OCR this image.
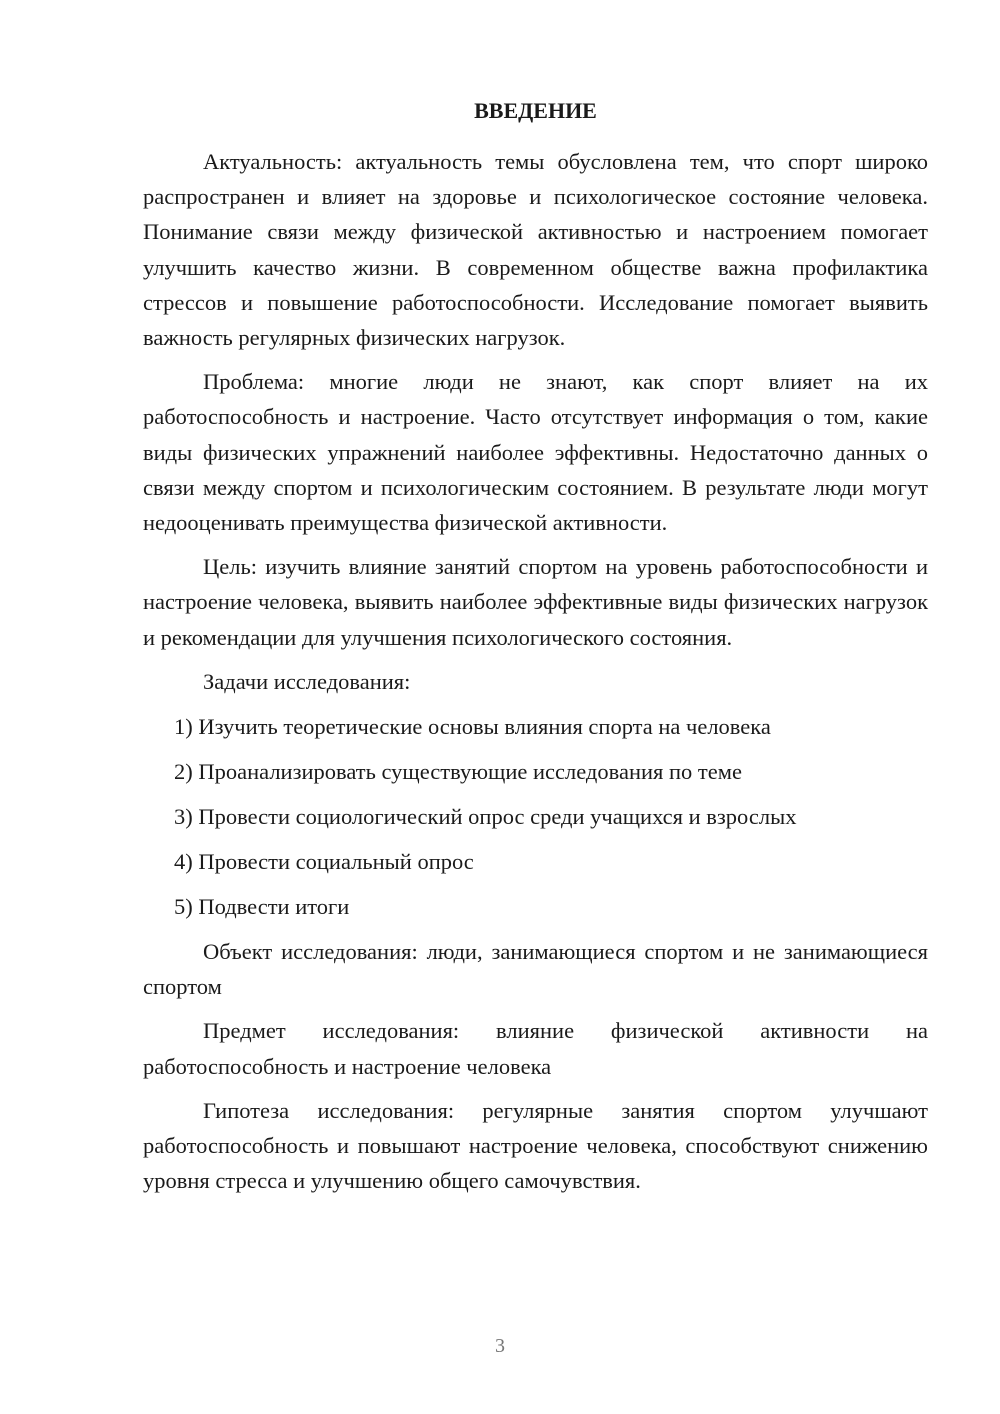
ВВЕДЕНИЕ

Актуальность: актуальность темы обусловлена тем, что спорт широко распространен и влияет на здоровье и психологическое состояние человека. Понимание связи между физической активностью и настроением помогает улучшить качество жизни. В современном обществе важна профилактика стрессов и повышение работоспособности. Исследование помогает выявить важность регулярных физических нагрузок.

Проблема: многие люди не знают, как спорт влияет на их работоспособность и настроение. Часто отсутствует информация о том, какие виды физических упражнений наиболее эффективны. Недостаточно данных о связи между спортом и психологическим состоянием. В результате люди могут недооценивать преимущества физической активности.

Цель: изучить влияние занятий спортом на уровень работоспособности и настроение человека, выявить наиболее эффективные виды физических нагрузок и рекомендации для улучшения психологического состояния.

Задачи исследования:

1) Изучить теоретические основы влияния спорта на человека
2) Проанализировать существующие исследования по теме
3) Провести социологический опрос среди учащихся и взрослых
4) Провести социальный опрос
5) Подвести итоги

Объект исследования: люди, занимающиеся спортом и не занимающиеся спортом

Предмет исследования: влияние физической активности на работоспособность и настроение человека

Гипотеза исследования: регулярные занятия спортом улучшают работоспособность и повышают настроение человека, способствуют снижению уровня стресса и улучшению общего самочувствия.

3
